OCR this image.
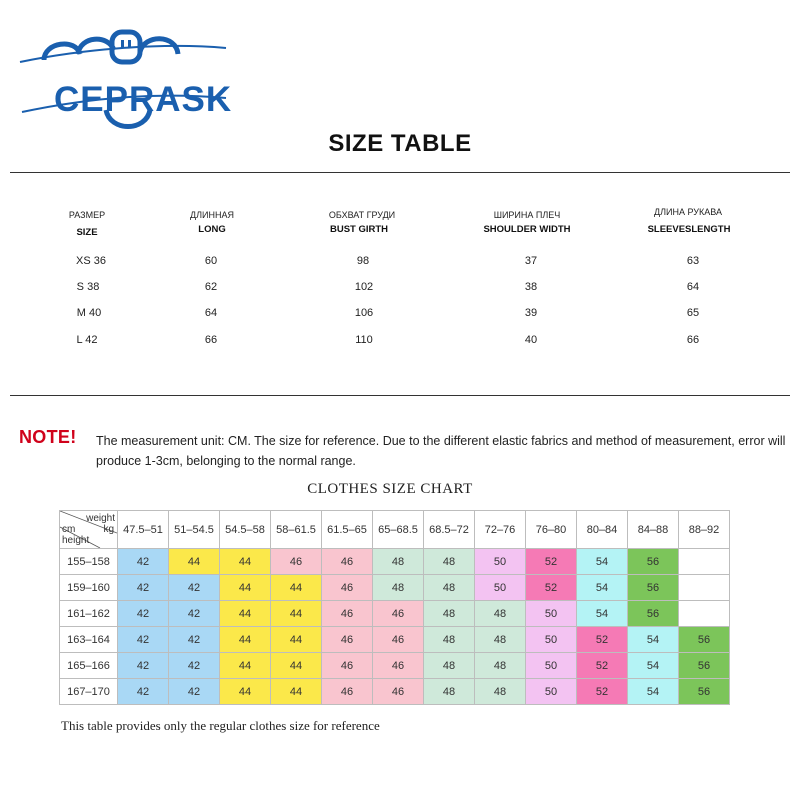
CEPRASK
SIZE TABLE
РАЗМЕР
SIZE
ДЛИННАЯ
LONG
ОБХВАТ ГРУДИ
BUST GIRTH
ШИРИНА ПЛЕЧ
SHOULDER WIDTH
ДЛИНА РУКАВА
SLEEVESLENGTH
XS 36	60	98	37	63
S 38	62	102	38	64
M 40	64	106	39	65
L 42	66	110	40	66
NOTE! The measurement unit: CM. The size for reference. Due to the different elastic fabrics and method of measurement, error will produce 1-3cm, belonging to the normal range.
CLOTHES SIZE CHART
weight
cm kg
height	47.5–51	51–54.5	54.5–58	58–61.5	61.5–65	65–68.5	68.5–72	72–76	76–80	80–84	84–88	88–92
155–158	42	44	44	46	46	48	48	50	52	54	56	
159–160	42	42	44	44	46	48	48	50	52	54	56	
161–162	42	42	44	44	46	46	48	48	50	54	56	
163–164	42	42	44	44	46	46	48	48	50	52	54	56
165–166	42	42	44	44	46	46	48	48	50	52	54	56
167–170	42	42	44	44	46	46	48	48	50	52	54	56
This table provides only the regular clothes size for reference
